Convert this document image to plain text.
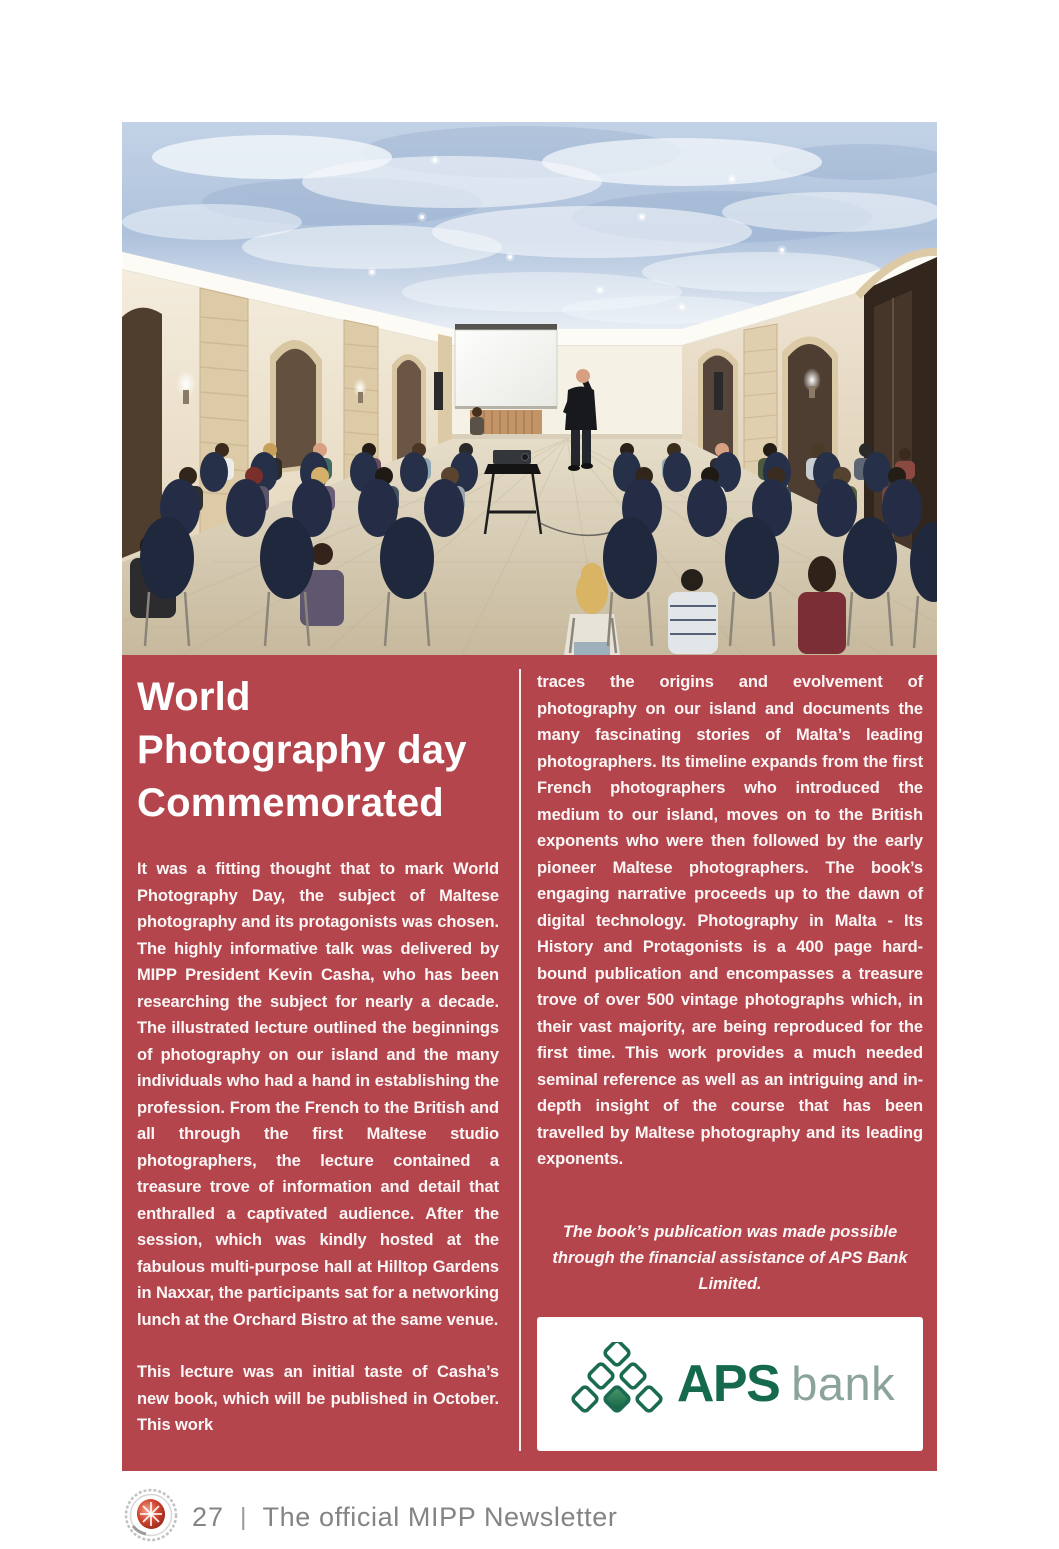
World
Photography day
Commemorated

It was a fitting thought that to mark World Photography Day, the subject of Maltese photography and its protagonists was chosen. The highly informative talk was delivered by MIPP President Kevin Casha, who has been researching the subject for nearly a decade. The illustrated lecture outlined the beginnings of photography on our island and the many individuals who had a hand in establishing the profession. From the French to the British and all through the first Maltese studio photographers, the lecture contained a treasure trove of information and detail that enthralled a captivated audience. After the session, which was kindly hosted at the fabulous multi-purpose hall at Hilltop Gardens in Naxxar, the participants sat for a networking lunch at the Orchard Bistro at the same venue.

This lecture was an initial taste of Casha’s new book, which will be published in October. This work

traces the origins and evolvement of photography on our island and documents the many fascinating stories of Malta’s leading photographers. Its timeline expands from the first French photographers who introduced the medium to our island, moves on to the British exponents who were then followed by the early pioneer Maltese photographers. The book’s engaging narrative proceeds up to the dawn of digital technology. Photography in Malta - Its History and Protagonists is a 400 page hard-bound publication and encompasses a treasure trove of over 500 vintage photographs which, in their vast majority, are being reproduced for the first time. This work provides a much needed seminal reference as well as an intriguing and in-depth insight of the course that has been travelled by Maltese photography and its leading exponents.

The book’s publication was made possible through the financial assistance of APS Bank Limited.

APS bank
27 | The official MIPP Newsletter
